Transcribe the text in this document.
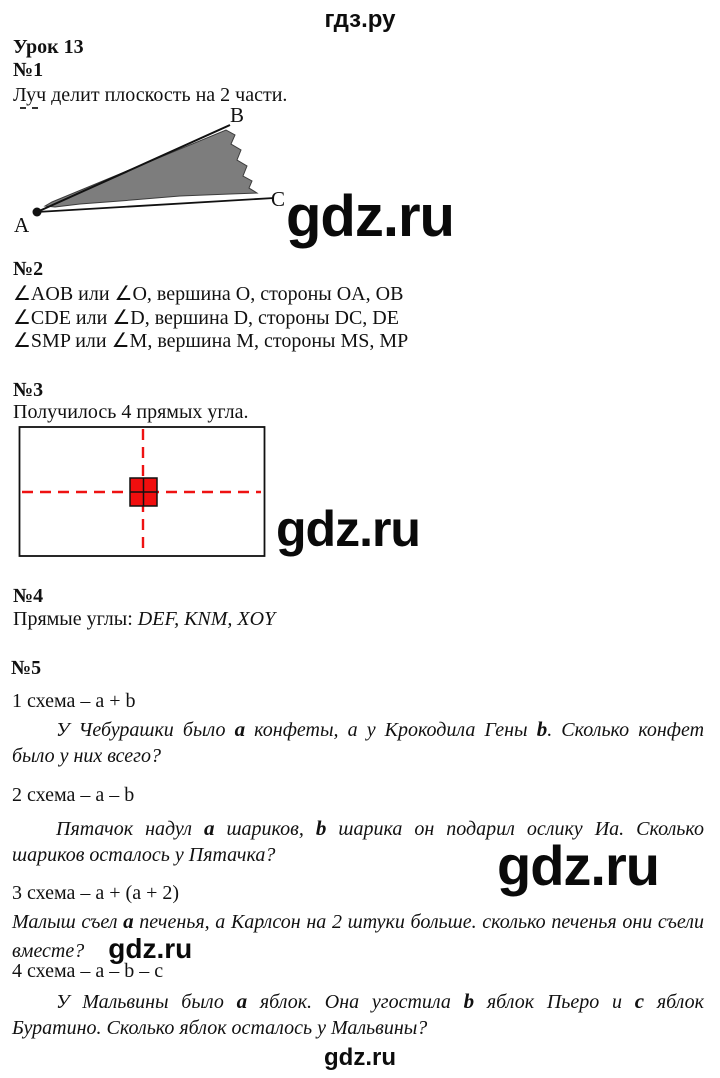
гдз.ру
Урок 13
№1
Луч делит плоскость на 2 части.
A
B
C gdz.ru
№2
∠AOB или ∠O, вершина O, стороны OA, OB
∠CDE или ∠D, вершина D, стороны DC, DE
∠SMP или ∠M, вершина M, стороны MS, MP
№3
Получилось 4 прямых угла.
gdz.ru
№4
Прямые углы: DEF, KNM, XOY
№5
1 схема – a + b

У Чебурашки было a конфеты, а у Крокодила Гены b. Сколько конфет было у них всего?

2 схема – a – b

Пятачок надул a шариков, b шарика он подарил ослику Иа. Сколько шариков осталось у Пятачка?	gdz.ru
3 схема – a + (a + 2)

Малыш съел a печенья, а Карлсон на 2 штуки больше. сколько печенья они съели вместе? gdz.ru

4 схема – a – b – c

У Мальвины было a яблок. Она угостила b яблок Пьеро и c яблок Буратино. Сколько яблок осталось у Мальвины?

gdz.ru
